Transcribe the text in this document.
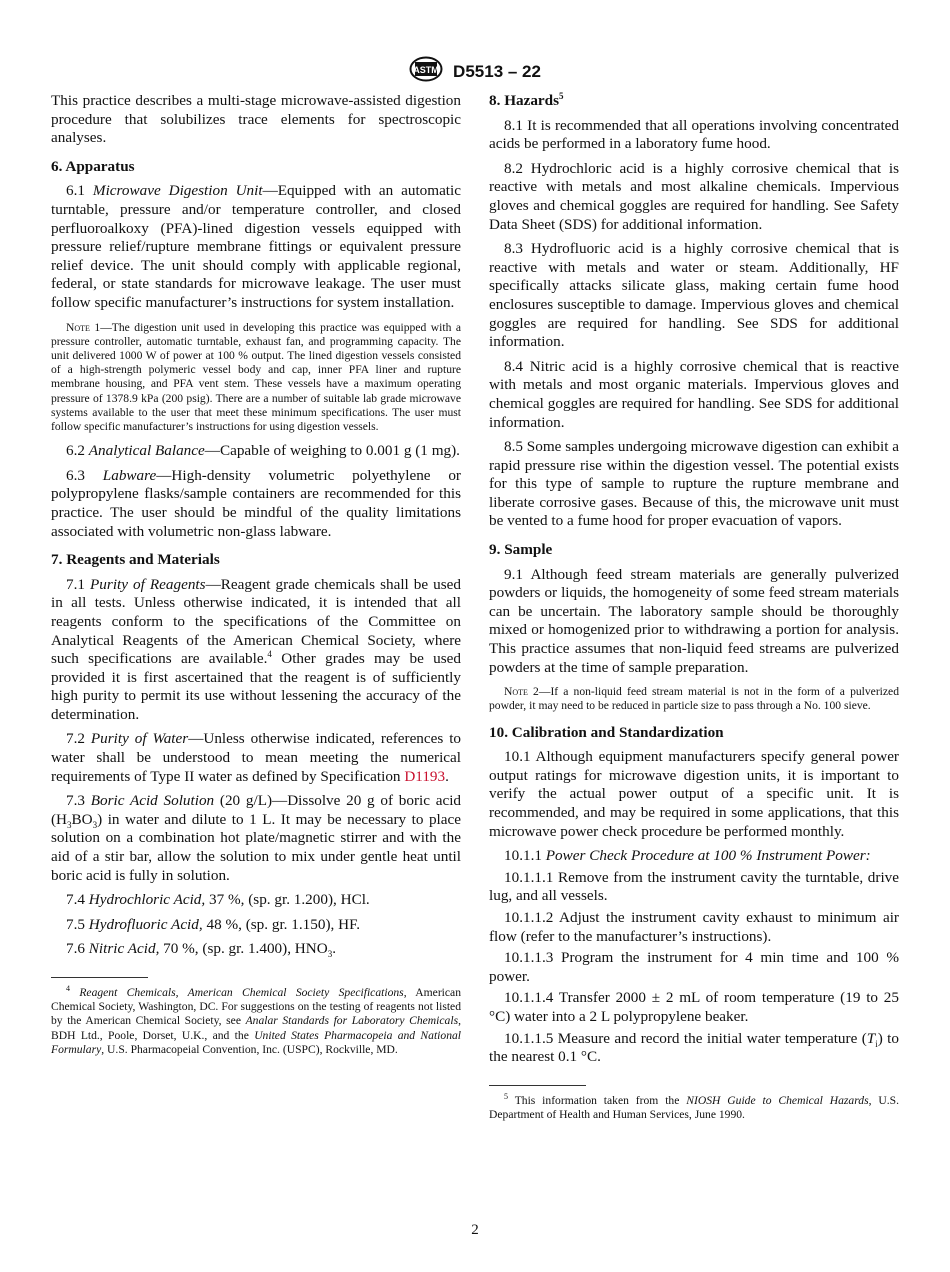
ASTM D5513 – 22

This practice describes a multi-stage microwave-assisted digestion procedure that solubilizes trace elements for spectroscopic analyses.

6. Apparatus

6.1 Microwave Digestion Unit—Equipped with an automatic turntable, pressure and/or temperature controller, and closed perfluoroalkoxy (PFA)-lined digestion vessels equipped with pressure relief/rupture membrane fittings or equivalent pressure relief device. The unit should comply with applicable regional, federal, or state standards for microwave leakage. The user must follow specific manufacturer’s instructions for system installation.

Note 1—The digestion unit used in developing this practice was equipped with a pressure controller, automatic turntable, exhaust fan, and programming capacity. The unit delivered 1000 W of power at 100 % output. The lined digestion vessels consisted of a high-strength polymeric vessel body and cap, inner PFA liner and rupture membrane housing, and PFA vent stem. These vessels have a maximum operating pressure of 1378.9 kPa (200 psig). There are a number of suitable lab grade microwave systems available to the user that meet these minimum specifications. The user must follow specific manufacturer’s instructions for using digestion vessels.

6.2 Analytical Balance—Capable of weighing to 0.001 g (1 mg).

6.3 Labware—High-density volumetric polyethylene or polypropylene flasks/sample containers are recommended for this practice. The user should be mindful of the quality limitations associated with volumetric non-glass labware.

7. Reagents and Materials

7.1 Purity of Reagents—Reagent grade chemicals shall be used in all tests. Unless otherwise indicated, it is intended that all reagents conform to the specifications of the Committee on Analytical Reagents of the American Chemical Society, where such specifications are available.$^4$ Other grades may be used provided it is first ascertained that the reagent is of sufficiently high purity to permit its use without lessening the accuracy of the determination.

7.2 Purity of Water—Unless otherwise indicated, references to water shall be understood to mean meeting the numerical requirements of Type II water as defined by Specification D1193.

7.3 Boric Acid Solution (20 g/L)—Dissolve 20 g of boric acid $(H_3BO_3)$ in water and dilute to 1 L. It may be necessary to place solution on a combination hot plate/magnetic stirrer and with the aid of a stir bar, allow the solution to mix under gentle heat until boric acid is fully in solution.

7.4 Hydrochloric Acid, 37 %, (sp. gr. 1.200), HCl.

7.5 Hydrofluoric Acid, 48 %, (sp. gr. 1.150), HF.

7.6 Nitric Acid, 70 %, (sp. gr. 1.400), $HNO_3$.

$^4$ Reagent Chemicals, American Chemical Society Specifications, American Chemical Society, Washington, DC. For suggestions on the testing of reagents not listed by the American Chemical Society, see Analar Standards for Laboratory Chemicals, BDH Ltd., Poole, Dorset, U.K., and the United States Pharmacopeia and National Formulary, U.S. Pharmacopeial Convention, Inc. (USPC), Rockville, MD.

8. Hazards$^5$

8.1 It is recommended that all operations involving concentrated acids be performed in a laboratory fume hood.

8.2 Hydrochloric acid is a highly corrosive chemical that is reactive with metals and most alkaline chemicals. Impervious gloves and chemical goggles are required for handling. See Safety Data Sheet (SDS) for additional information.

8.3 Hydrofluoric acid is a highly corrosive chemical that is reactive with metals and water or steam. Additionally, HF specifically attacks silicate glass, making certain fume hood enclosures susceptible to damage. Impervious gloves and chemical goggles are required for handling. See SDS for additional information.

8.4 Nitric acid is a highly corrosive chemical that is reactive with metals and most organic materials. Impervious gloves and chemical goggles are required for handling. See SDS for additional information.

8.5 Some samples undergoing microwave digestion can exhibit a rapid pressure rise within the digestion vessel. The potential exists for this type of sample to rupture the rupture membrane and liberate corrosive gases. Because of this, the microwave unit must be vented to a fume hood for proper evacuation of vapors.

9. Sample

9.1 Although feed stream materials are generally pulverized powders or liquids, the homogeneity of some feed stream materials can be uncertain. The laboratory sample should be thoroughly mixed or homogenized prior to withdrawing a portion for analysis. This practice assumes that non-liquid feed streams are pulverized powders at the time of sample preparation.

Note 2—If a non-liquid feed stream material is not in the form of a pulverized powder, it may need to be reduced in particle size to pass through a No. 100 sieve.

10. Calibration and Standardization

10.1 Although equipment manufacturers specify general power output ratings for microwave digestion units, it is important to verify the actual power output of a specific unit. It is recommended, and may be required in some applications, that this microwave power check procedure be performed monthly.

10.1.1 Power Check Procedure at 100 % Instrument Power:

10.1.1.1 Remove from the instrument cavity the turntable, drive lug, and all vessels.

10.1.1.2 Adjust the instrument cavity exhaust to minimum air flow (refer to the manufacturer’s instructions).

10.1.1.3 Program the instrument for 4 min time and 100 % power.

10.1.1.4 Transfer 2000 ± 2 mL of room temperature (19 to 25 °C) water into a 2 L polypropylene beaker.

10.1.1.5 Measure and record the initial water temperature $(T_i)$ to the nearest 0.1 °C.

$^5$ This information taken from the NIOSH Guide to Chemical Hazards, U.S. Department of Health and Human Services, June 1990.

2
